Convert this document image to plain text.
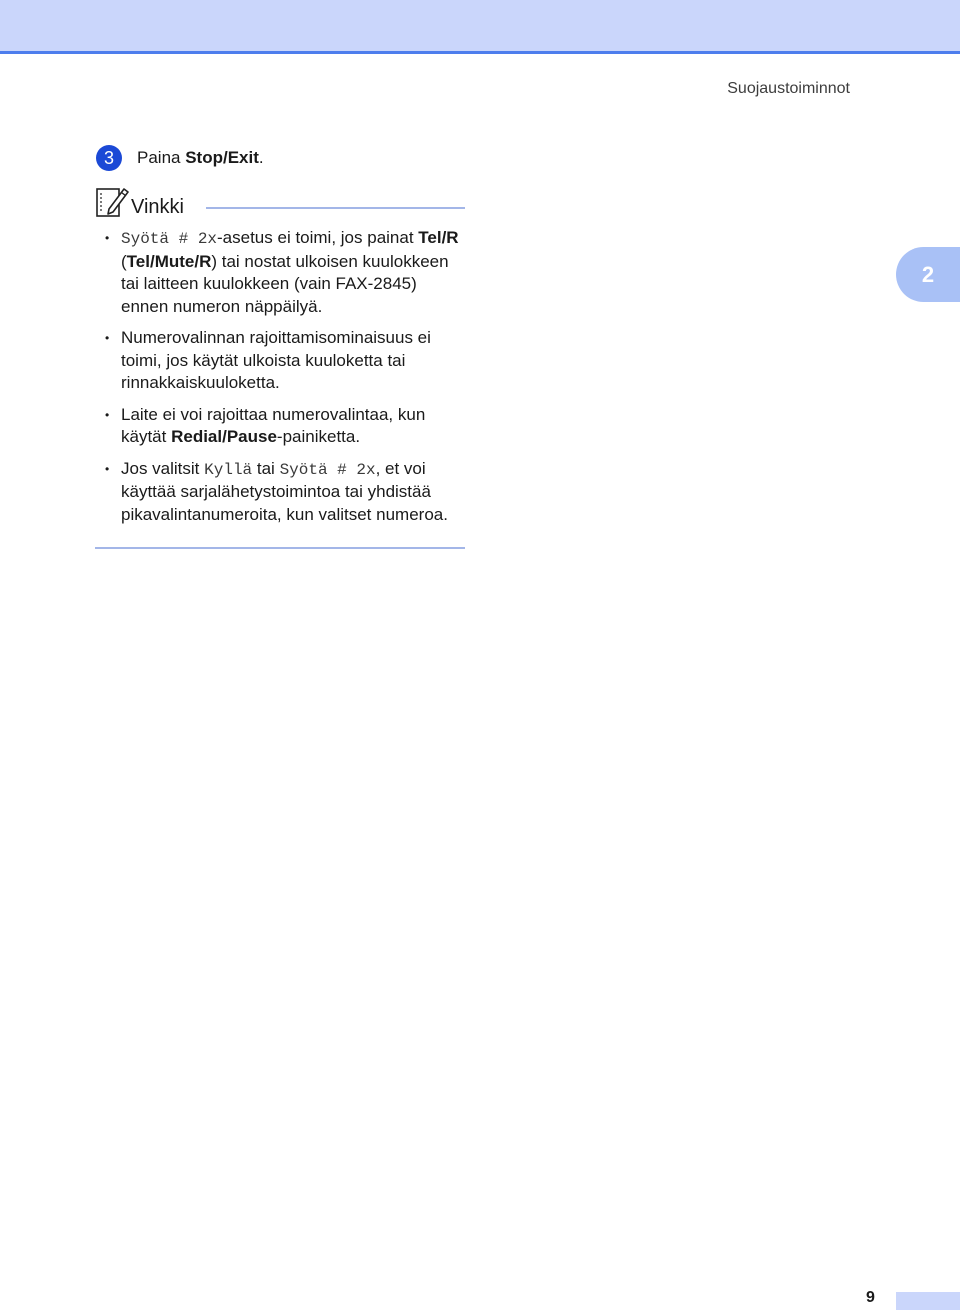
Suojaustoiminnot
2
3	Paina Stop/Exit.
Vinkki
• Syötä # 2x-asetus ei toimi, jos painat Tel/R (Tel/Mute/R) tai nostat ulkoisen kuulokkeen tai laitteen kuulokkeen (vain FAX-2845) ennen numeron näppäilyä.
• Numerovalinnan rajoittamisominaisuus ei toimi, jos käytät ulkoista kuuloketta tai rinnakkaiskuuloketta.
• Laite ei voi rajoittaa numerovalintaa, kun käytät Redial/Pause-painiketta.
• Jos valitsit Kyllä tai Syötä # 2x, et voi käyttää sarjalähetystoimintoa tai yhdistää pikavalintanumeroita, kun valitset numeroa.
9
